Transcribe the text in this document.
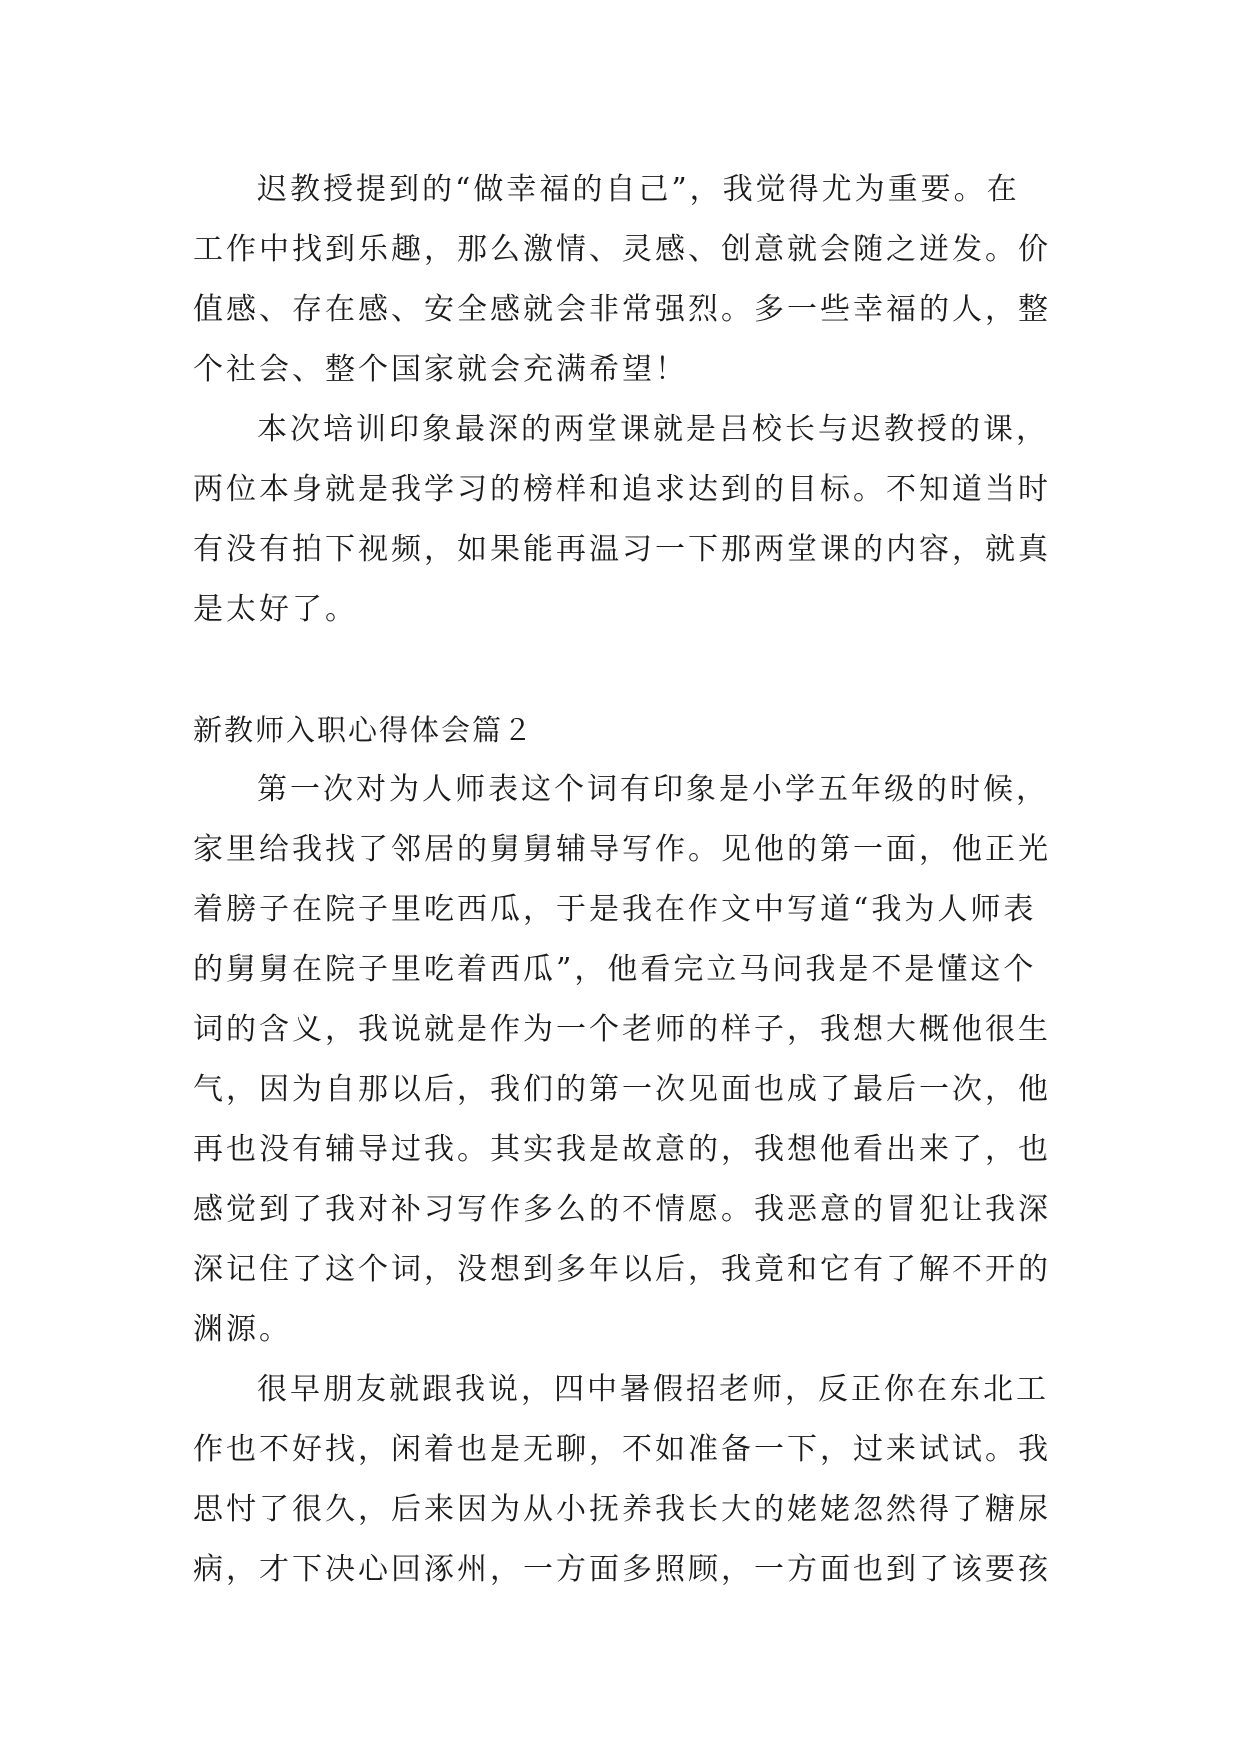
迟教授提到的“做幸福的自己”，我觉得尤为重要。在
工作中找到乐趣，那么激情、灵感、创意就会随之迸发。价
值感、存在感、安全感就会非常强烈。多一些幸福的人，整
个社会、整个国家就会充满希望！
本次培训印象最深的两堂课就是吕校长与迟教授的课，
两位本身就是我学习的榜样和追求达到的目标。不知道当时
有没有拍下视频，如果能再温习一下那两堂课的内容，就真
是太好了。
新教师入职心得体会篇２
第一次对为人师表这个词有印象是小学五年级的时候，
家里给我找了邻居的舅舅辅导写作。见他的第一面，他正光
着膀子在院子里吃西瓜，于是我在作文中写道“我为人师表
的舅舅在院子里吃着西瓜”，他看完立马问我是不是懂这个
词的含义，我说就是作为一个老师的样子，我想大概他很生
气，因为自那以后，我们的第一次见面也成了最后一次，他
再也没有辅导过我。其实我是故意的，我想他看出来了，也
感觉到了我对补习写作多么的不情愿。我恶意的冒犯让我深
深记住了这个词，没想到多年以后，我竟和它有了解不开的
渊源。
很早朋友就跟我说，四中暑假招老师，反正你在东北工
作也不好找，闲着也是无聊，不如准备一下，过来试试。我
思忖了很久，后来因为从小抚养我长大的姥姥忽然得了糖尿
病，才下决心回涿州，一方面多照顾，一方面也到了该要孩
